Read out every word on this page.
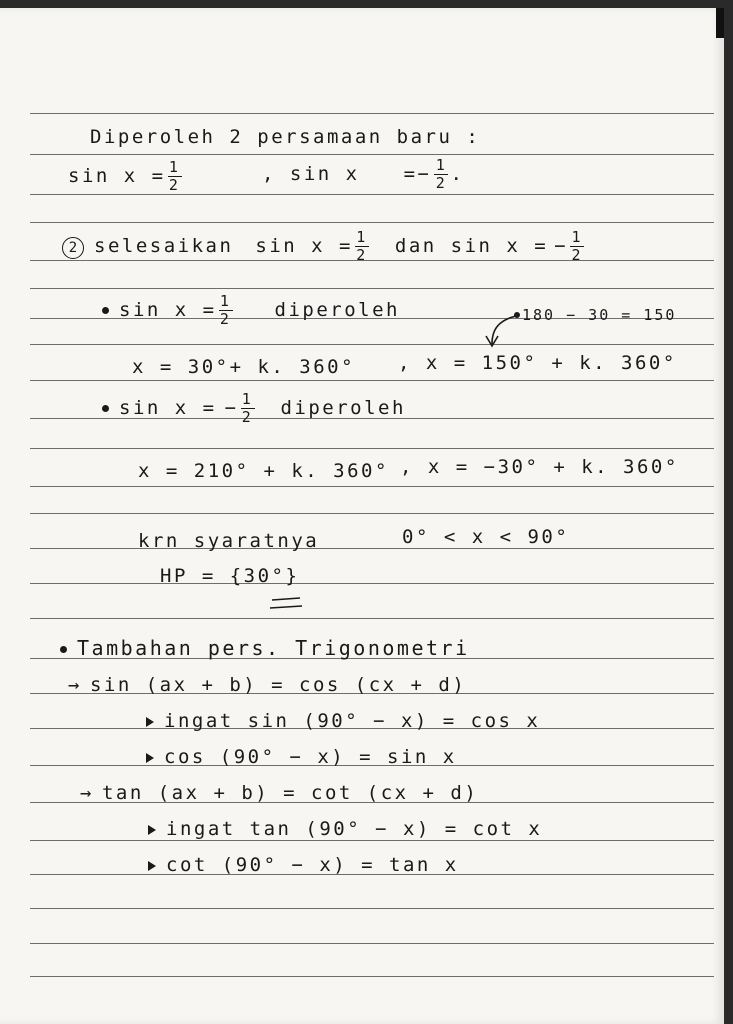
Diperoleh 2 persamaan baru :
$\sin x = \frac{1}{2}$	, $\sin x =- \frac{1}{2}$ .
2 selesaikan $\sin x = \frac{1}{2}$ dan sin x = − $\frac{1}{2}$
$\sin x = \frac{1}{2}$ diperoleh	180 − 30 = 150
x = 30°+ k. 360° , x = 150° + k. 360°
sin x = − $\frac{1}{2}$ diperoleh
x = 210° + k. 360° , x = −30° + k. 360°
krn syaratnya	0° < x < 90°
HP = {30°}
Tambahan pers. Trigonometri
→ sin (ax + b) = cos (cx + d)
ingat sin (90° − x) = cos x
cos (90° − x) = sin x
→ tan (ax + b) = cot (cx + d)
ingat tan (90° − x) = cot x
cot (90° − x) = tan x
